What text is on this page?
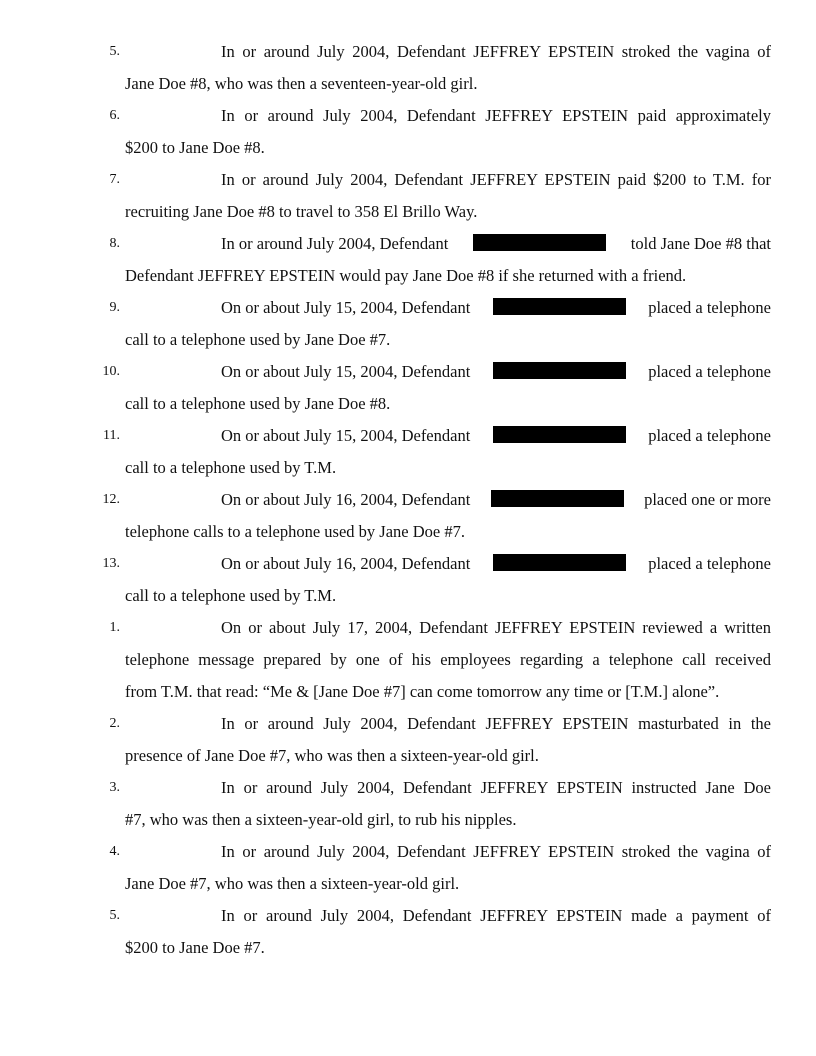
5.	In or around July 2004, Defendant JEFFREY EPSTEIN stroked the vagina of
Jane Doe #8, who was then a seventeen-year-old girl.
6.	In or around July 2004, Defendant JEFFREY EPSTEIN paid approximately
$200 to Jane Doe #8.
7.	In or around July 2004, Defendant JEFFREY EPSTEIN paid $200 to T.M. for
recruiting Jane Doe #8 to travel to 358 El Brillo Way.
8.	In or around July 2004, Defendant	told Jane Doe #8 that
Defendant JEFFREY EPSTEIN would pay Jane Doe #8 if she returned with a friend.
9.	On or about July 15, 2004, Defendant	placed a telephone
call to a telephone used by Jane Doe #7.
10.	On or about July 15, 2004, Defendant	placed a telephone
call to a telephone used by Jane Doe #8.
11.	On or about July 15, 2004, Defendant	placed a telephone
call to a telephone used by T.M.
12.	On or about July 16, 2004, Defendant	placed one or more
telephone calls to a telephone used by Jane Doe #7.
13.	On or about July 16, 2004, Defendant	placed a telephone
call to a telephone used by T.M.
1.	On or about July 17, 2004, Defendant JEFFREY EPSTEIN reviewed a written
telephone message prepared by one of his employees regarding a telephone call received
from T.M. that read: “Me & [Jane Doe #7] can come tomorrow any time or [T.M.] alone”.
2.	In or around July 2004, Defendant JEFFREY EPSTEIN masturbated in the
presence of Jane Doe #7, who was then a sixteen-year-old girl.
3.	In or around July 2004, Defendant JEFFREY EPSTEIN instructed Jane Doe
#7, who was then a sixteen-year-old girl, to rub his nipples.
4.	In or around July 2004, Defendant JEFFREY EPSTEIN stroked the vagina of
Jane Doe #7, who was then a sixteen-year-old girl.
5.	In or around July 2004, Defendant JEFFREY EPSTEIN made a payment of
$200 to Jane Doe #7.
